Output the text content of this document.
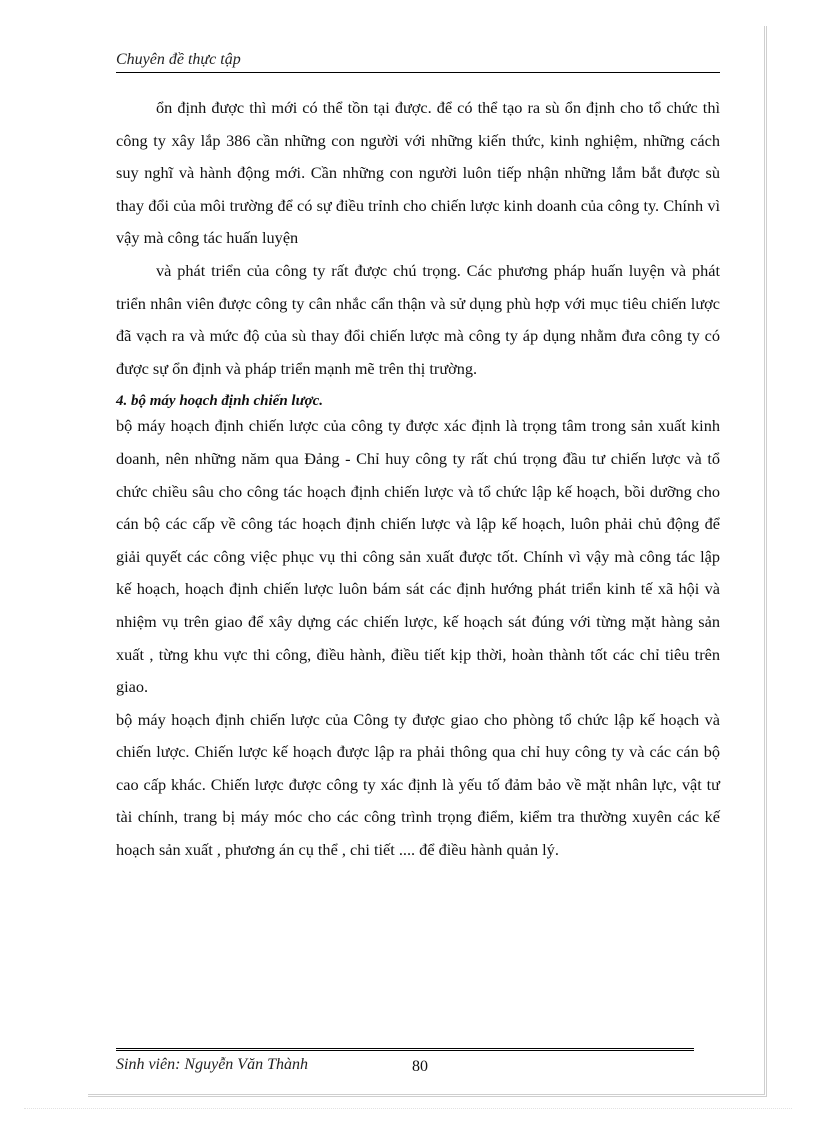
Chuyên đề thực tập

ổn định được thì mới có thể tồn tại được. để có thể tạo ra sù ổn định cho tổ chức thì công ty xây lắp 386 cần những con người với những kiến thức, kinh nghiệm, những cách suy nghĩ và hành động mới. Cần những con người luôn tiếp nhận những lắm bắt được sù thay đổi của môi trường để có sự điều trỉnh cho chiến lược kinh doanh của công ty. Chính vì vậy mà công tác huấn luyện

và phát triển của công ty rất được chú trọng. Các phương pháp huấn luyện và phát triển nhân viên được công ty cân nhắc cẩn thận và sử dụng phù hợp với mục tiêu chiến lược đã vạch ra và mức độ của sù thay đổi chiến lược mà công ty áp dụng nhằm đưa công ty có được sự ổn định và pháp triển mạnh mẽ trên thị trường.

4. bộ máy hoạch định chiến lược.

bộ máy hoạch định chiến lược của công ty được xác định là trọng tâm trong sản xuất kinh doanh, nên những năm qua Đảng - Chỉ huy công ty rất chú trọng đầu tư chiến lược và tổ chức chiều sâu cho công tác hoạch định chiến lược và tổ chức lập kế hoạch, bồi dưỡng cho cán bộ các cấp về công tác hoạch định chiến lược và lập kế hoạch, luôn phải chủ động để giải quyết các công việc phục vụ thi công sản xuất được tốt. Chính vì vậy mà công tác lập kế hoạch, hoạch định chiến lược luôn bám sát các định hướng phát triển kinh tế xã hội và nhiệm vụ trên giao để xây dựng các chiến lược, kế hoạch sát đúng với từng mặt hàng sản xuất , từng khu vực thi công, điều hành, điều tiết kịp thời, hoàn thành tốt các chỉ tiêu trên giao.

bộ máy hoạch định chiến lược của Công ty được giao cho phòng tổ chức lập kế hoạch và chiến lược. Chiến lược kế hoạch được lập ra phải thông qua chỉ huy công ty và các cán bộ cao cấp khác. Chiến lược được công ty xác định là yếu tố đảm bảo về mặt nhân lực, vật tư tài chính, trang bị máy móc cho các công trình trọng điểm, kiểm tra thường xuyên các kế hoạch sản xuất , phương án cụ thể , chi tiết .... để điều hành quản lý.

Sinh viên: Nguyễn Văn Thành	80
